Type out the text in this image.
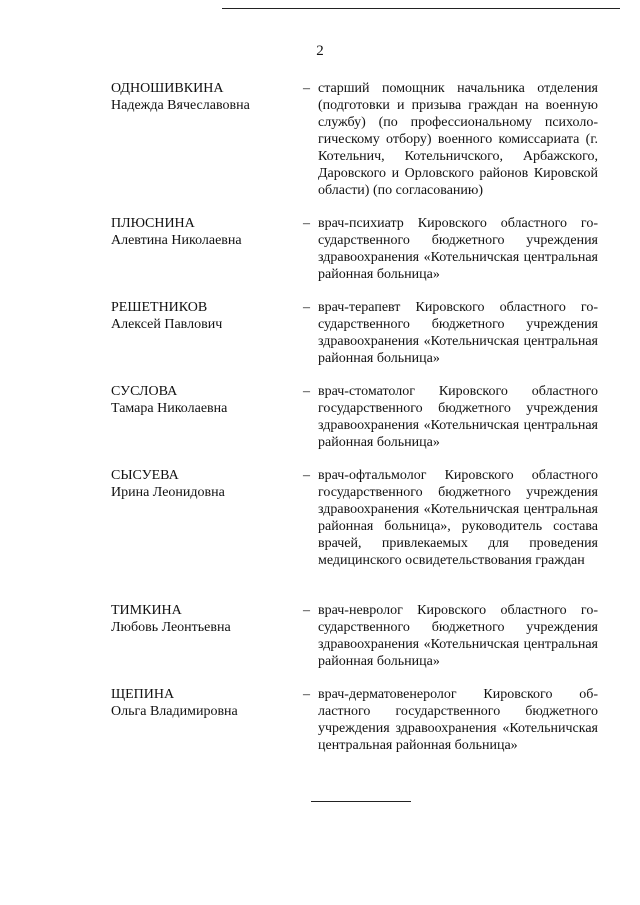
2
ОДНОШИВКИНА
Надежда Вячеславовна
– старший помощник начальника отделения (подготовки и призыва граждан на военную службу) (по профессиональному психологическому отбору) военного комиссариата (г. Котельнич, Котельничского, Арбажского, Даровского и Орловского районов Кировской области) (по согласованию)
ПЛЮСНИНА
Алевтина Николаевна
– врач-психиатр Кировского областного государственного бюджетного учреждения здравоохранения «Котельничская центральная районная больница»
РЕШЕТНИКОВ
Алексей Павлович
– врач-терапевт Кировского областного государственного бюджетного учреждения здравоохранения «Котельничская центральная районная больница»
СУСЛОВА
Тамара Николаевна
– врач-стоматолог Кировского областного государственного бюджетного учреждения здравоохранения «Котельничская центральная районная больница»
СЫСУЕВА
Ирина Леонидовна
– врач-офтальмолог Кировского областного государственного бюджетного учреждения здравоохранения «Котельничская центральная районная больница», руководитель состава врачей, привлекаемых для проведения медицинского освидетельствования граждан
ТИМКИНА
Любовь Леонтьевна
– врач-невролог Кировского областного государственного бюджетного учреждения здравоохранения «Котельничская центральная районная больница»
ЩЕПИНА
Ольга Владимировна
– врач-дерматовенеролог Кировского областного государственного бюджетного учреждения здравоохранения «Котельничская центральная районная больница»
